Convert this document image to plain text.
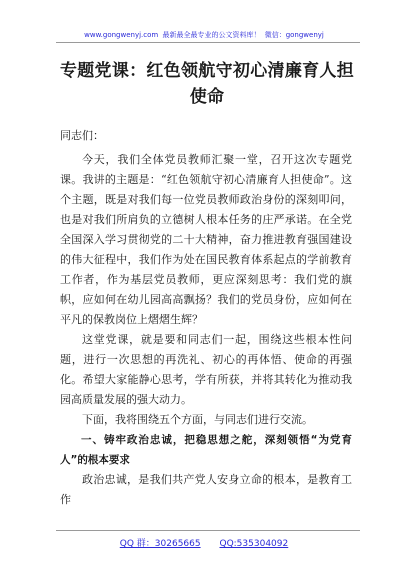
www.gongwenyj.com 最新最全最专业的公文资料库！ 微信：gongwenyj
专题党课：红色领航守初心清廉育人担使命

同志们：

今天，我们全体党员教师汇聚一堂，召开这次专题党课。我讲的主题是：“红色领航守初心清廉育人担使命”。这个主题，既是对我们每一位党员教师政治身份的深刻叩问，也是对我们所肩负的立德树人根本任务的庄严承诺。在全党全国深入学习贯彻党的二十大精神，奋力推进教育强国建设的伟大征程中，我们作为处在国民教育体系起点的学前教育工作者，作为基层党员教师，更应深刻思考：我们党的旗帜，应如何在幼儿园高高飘扬？我们的党员身份，应如何在平凡的保教岗位上熠熠生辉？

这堂党课，就是要和同志们一起，围绕这些根本性问题，进行一次思想的再洗礼、初心的再体悟、使命的再强化。希望大家能静心思考，学有所获，并将其转化为推动我园高质量发展的强大动力。

下面，我将围绕五个方面，与同志们进行交流。

一、铸牢政治忠诚，把稳思想之舵，深刻领悟“为党育人”的根本要求

政治忠诚，是我们共产党人安身立命的根本，是教育工作

QQ 群：30265665 QQ:535304092
